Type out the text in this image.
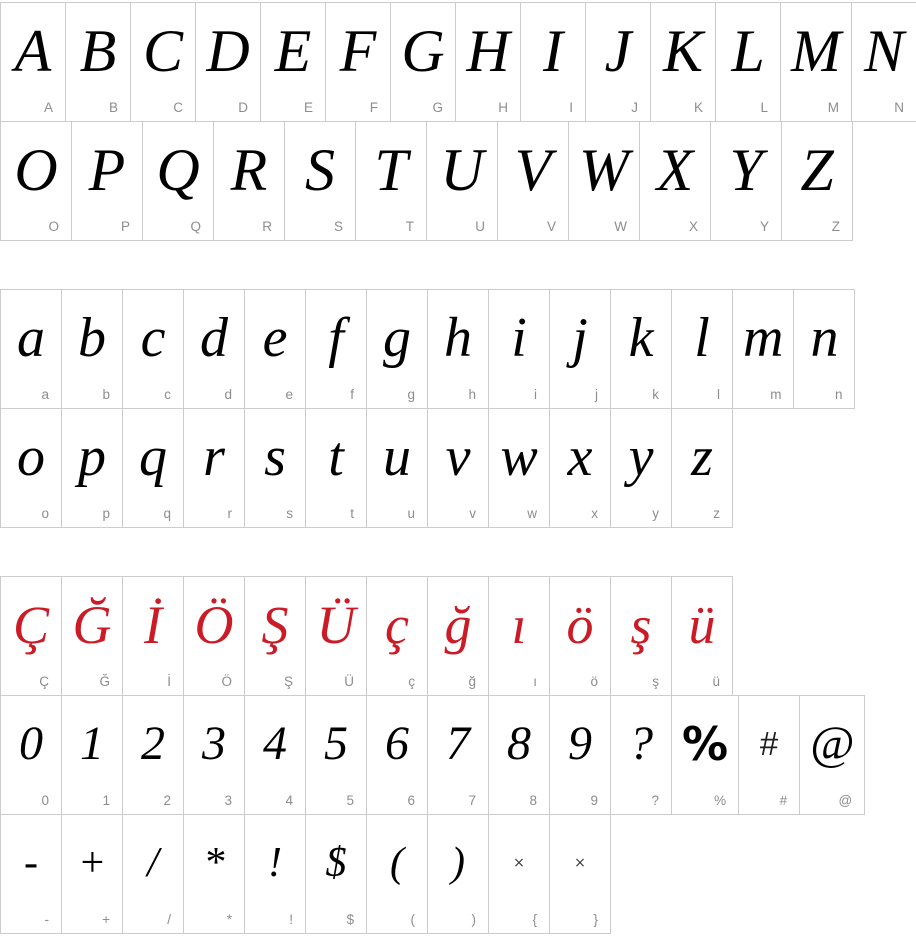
A
A
B
B
C
C
D
D
E
E
F
F
G
G
H
H
I
I
J
J
K
K
L
L
M
M
N
N
O
O
P
P
Q
Q
R
R
S
S
T
T
U
U
V
V
W
W
X
X
Y
Y
Z
Z
a
a
b
b
c
c
d
d
e
e
f
f
g
g
h
h
i
i
j
j
k
k
l
l
m
m
n
n
o
o
p
p
q
q
r
r
s
s
t
t
u
u
v
v
w
w
x
x
y
y
z
z
Ç
Ç
Ğ
Ğ
İ
İ
Ö
Ö
Ş
Ş
Ü
Ü
ç
ç
ğ
ğ
ı
ı
ö
ö
ş
ş
ü
ü
0
0
1
1
2
2
3
3
4
4
5
5
6
6
7
7
8
8
9
9
?
?
%
%
#
#
@
@
-
-
+
+
/
/
*
*
!
!
$
$
(
(
)
)
×
{
×
}
